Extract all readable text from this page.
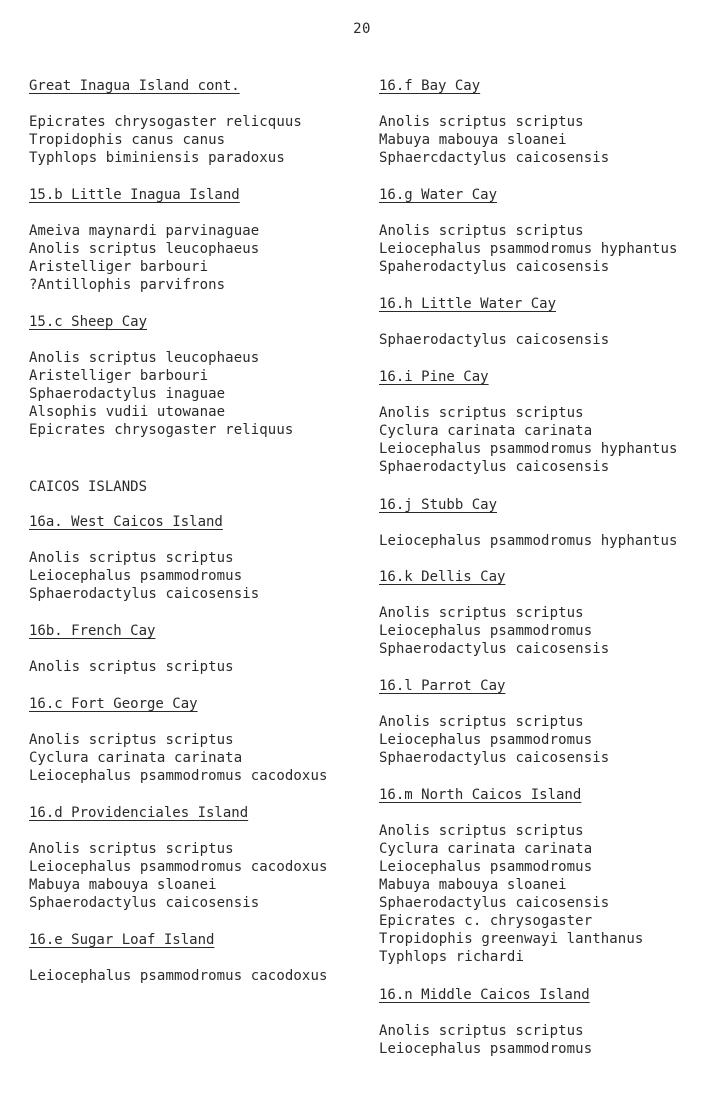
20
Great Inagua Island cont.
Epicrates chrysogaster relicquus
Tropidophis canus canus
Typhlops biminiensis paradoxus
15.b Little Inagua Island
Ameiva maynardi parvinaguae
Anolis scriptus leucophaeus
Aristelliger barbouri
?Antillophis parvifrons
15.c Sheep Cay
Anolis scriptus leucophaeus
Aristelliger barbouri
Sphaerodactylus inaguae
Alsophis vudii utowanae
Epicrates chrysogaster reliquus
CAICOS ISLANDS
16a. West Caicos Island
Anolis scriptus scriptus
Leiocephalus psammodromus
Sphaerodactylus caicosensis
16b. French Cay
Anolis scriptus scriptus
16.c Fort George Cay
Anolis scriptus scriptus
Cyclura carinata carinata
Leiocephalus psammodromus cacodoxus
16.d Providenciales Island
Anolis scriptus scriptus
Leiocephalus psammodromus cacodoxus
Mabuya mabouya sloanei
Sphaerodactylus caicosensis
16.e Sugar Loaf Island
Leiocephalus psammodromus cacodoxus
16.f Bay Cay
Anolis scriptus scriptus
Mabuya mabouya sloanei
Sphaercdactylus caicosensis
16.g Water Cay
Anolis scriptus scriptus
Leiocephalus psammodromus hyphantus
Spaherodactylus caicosensis
16.h Little Water Cay
Sphaerodactylus caicosensis
16.i Pine Cay
Anolis scriptus scriptus
Cyclura carinata carinata
Leiocephalus psammodromus hyphantus
Sphaerodactylus caicosensis
16.j Stubb Cay
Leiocephalus psammodromus hyphantus
16.k Dellis Cay
Anolis scriptus scriptus
Leiocephalus psammodromus
Sphaerodactylus caicosensis
16.l Parrot Cay
Anolis scriptus scriptus
Leiocephalus psammodromus
Sphaerodactylus caicosensis
16.m North Caicos Island
Anolis scriptus scriptus
Cyclura carinata carinata
Leiocephalus psammodromus
Mabuya mabouya sloanei
Sphaerodactylus caicosensis
Epicrates c. chrysogaster
Tropidophis greenwayi lanthanus
Typhlops richardi
16.n Middle Caicos Island
Anolis scriptus scriptus
Leiocephalus psammodromus
